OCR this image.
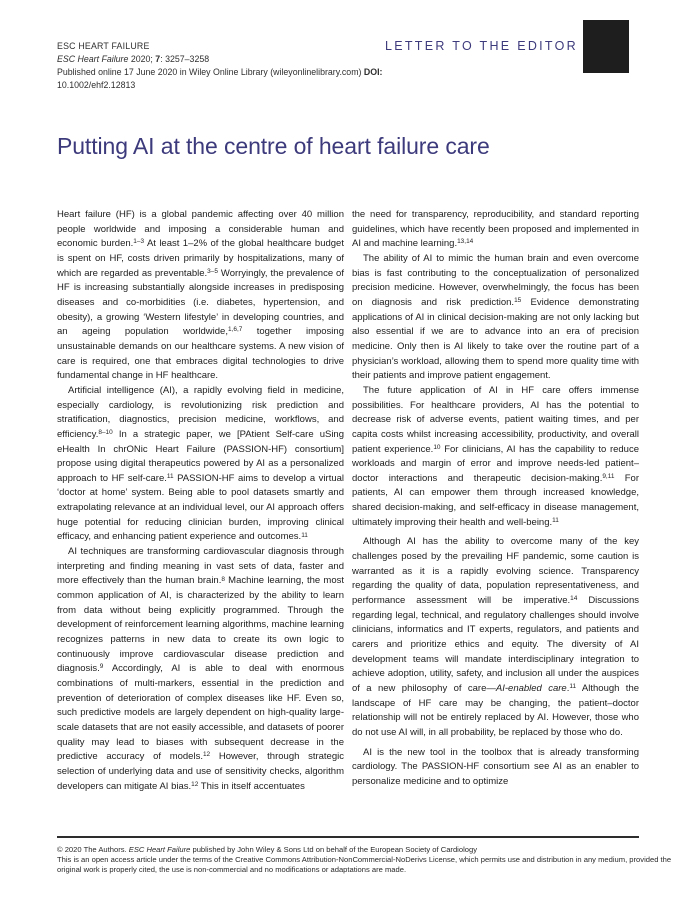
ESC HEART FAILURE
ESC Heart Failure 2020; 7: 3257–3258
Published online 17 June 2020 in Wiley Online Library (wileyonlinelibrary.com) DOI: 10.1002/ehf2.12813
LETTER TO THE EDITOR
Putting AI at the centre of heart failure care

Heart failure (HF) is a global pandemic affecting over 40 million people worldwide and imposing a considerable human and economic burden.$^{1-3}$ At least 1–2% of the global healthcare budget is spent on HF, costs driven primarily by hospitalizations, many of which are regarded as preventable.$^{3-5}$ Worryingly, the prevalence of HF is increasing substantially alongside increases in predisposing diseases and co-morbidities (i.e. diabetes, hypertension, and obesity), a growing ‘Western lifestyle’ in developing countries, and an ageing population worldwide,$^{1,6,7}$ together imposing unsustainable demands on our healthcare systems. A new vision of care is required, one that embraces digital technologies to drive fundamental change in HF healthcare.

Artificial intelligence (AI), a rapidly evolving field in medicine, especially cardiology, is revolutionizing risk prediction and stratification, diagnostics, precision medicine, workflows, and efficiency.$^{8-10}$ In a strategic paper, we [PAtient Self-care uSing eHealth In chrONic Heart Failure (PASSION-HF) consortium] propose using digital therapeutics powered by AI as a personalized approach to HF self-care.$^{11}$ PASSION-HF aims to develop a virtual ‘doctor at home’ system. Being able to pool datasets smartly and extrapolating relevance at an individual level, our AI approach offers huge potential for reducing clinician burden, improving clinical efficacy, and enhancing patient experience and outcomes.$^{11}$

AI techniques are transforming cardiovascular diagnosis through interpreting and finding meaning in vast sets of data, faster and more effectively than the human brain.$^8$ Machine learning, the most common application of AI, is characterized by the ability to learn from data without being explicitly programmed. Through the development of reinforcement learning algorithms, machine learning recognizes patterns in new data to create its own logic to continuously improve cardiovascular disease prediction and diagnosis.$^9$ Accordingly, AI is able to deal with enormous combinations of multi-markers, essential in the prediction and prevention of deterioration of complex diseases like HF. Even so, such predictive models are largely dependent on high-quality large-scale datasets that are not easily accessible, and datasets of poorer quality may lead to biases with subsequent decrease in the predictive accuracy of models.$^{12}$ However, through strategic selection of underlying data and use of sensitivity checks, algorithm developers can mitigate AI bias.$^{12}$ This in itself accentuates

the need for transparency, reproducibility, and standard reporting guidelines, which have recently been proposed and implemented in AI and machine learning.$^{13,14}$

The ability of AI to mimic the human brain and even overcome bias is fast contributing to the conceptualization of personalized precision medicine. However, overwhelmingly, the focus has been on diagnosis and risk prediction.$^{15}$ Evidence demonstrating applications of AI in clinical decision-making are not only lacking but also essential if we are to advance into an era of precision medicine. Only then is AI likely to take over the routine part of a physician’s workload, allowing them to spend more quality time with their patients and improve patient engagement.

The future application of AI in HF care offers immense possibilities. For healthcare providers, AI has the potential to decrease risk of adverse events, patient waiting times, and per capita costs whilst increasing accessibility, productivity, and overall patient experience.$^{10}$ For clinicians, AI has the capability to reduce workloads and margin of error and improve needs-led patient–doctor interactions and therapeutic decision-making.$^{9,11}$ For patients, AI can empower them through increased knowledge, shared decision-making, and self-efficacy in disease management, ultimately improving their health and well-being.$^{11}$

Although AI has the ability to overcome many of the key challenges posed by the prevailing HF pandemic, some caution is warranted as it is a rapidly evolving science. Transparency regarding the quality of data, population representativeness, and performance assessment will be imperative.$^{14}$ Discussions regarding legal, technical, and regulatory challenges should involve clinicians, informatics and IT experts, regulators, and patients and carers and prioritize ethics and equity. The diversity of AI development teams will mandate interdisciplinary integration to achieve adoption, utility, safety, and inclusion all under the auspices of a new philosophy of care—AI-enabled care.$^{11}$ Although the landscape of HF care may be changing, the patient–doctor relationship will not be entirely replaced by AI. However, those who do not use AI will, in all probability, be replaced by those who do.

AI is the new tool in the toolbox that is already transforming cardiology. The PASSION-HF consortium see AI as an enabler to personalize medicine and to optimize

© 2020 The Authors. ESC Heart Failure published by John Wiley & Sons Ltd on behalf of the European Society of Cardiology
This is an open access article under the terms of the Creative Commons Attribution-NonCommercial-NoDerivs License, which permits use and distribution in any medium, provided the original work is properly cited, the use is non-commercial and no modifications or adaptations are made.
